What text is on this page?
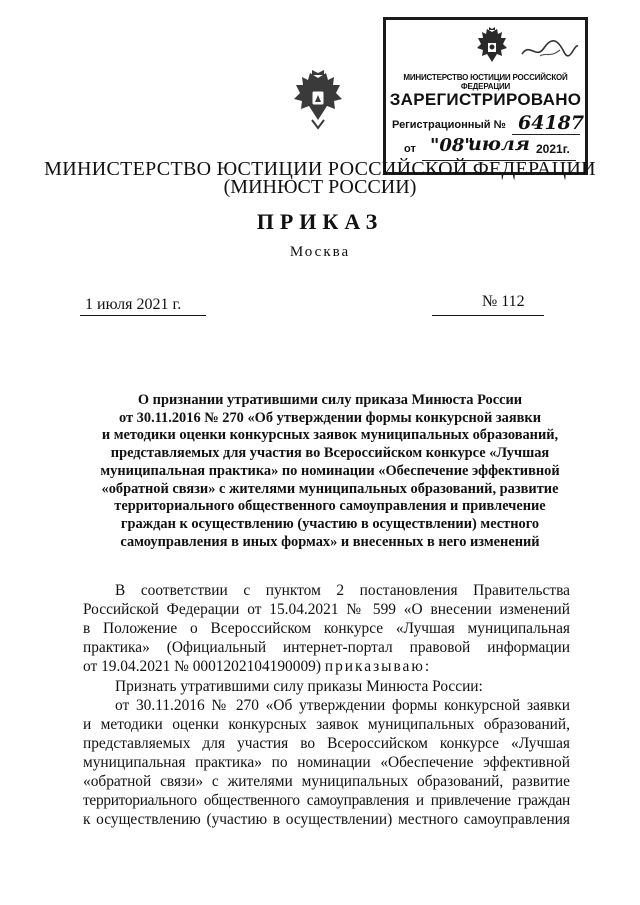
МИНИСТЕРСТВО ЮСТИЦИИ РОССИЙСКОЙ ФЕДЕРАЦИИ
ЗАРЕГИСТРИРОВАНО
Регистрационный № 64187
от "08"
июля 2021г.
МИНИСТЕРСТВО ЮСТИЦИИ РОССИЙСКОЙ ФЕДЕРАЦИИ
(МИНЮСТ РОССИИ)
ПРИКАЗ
Москва
1 июля 2021 г.	№ 112
О признании утратившими силу приказа Минюста России
от 30.11.2016 № 270 «Об утверждении формы конкурсной заявки
и методики оценки конкурсных заявок муниципальных образований,
представляемых для участия во Всероссийском конкурсе «Лучшая
муниципальная практика» по номинации «Обеспечение эффективной
«обратной связи» с жителями муниципальных образований, развитие
территориального общественного самоуправления и привлечение
граждан к осуществлению (участию в осуществлении) местного
самоуправления в иных формах» и внесенных в него изменений
В соответствии с пунктом 2 постановления Правительства
Российской Федерации от 15.04.2021 № 599 «О внесении изменений
в Положение о Всероссийском конкурсе «Лучшая муниципальная
практика» (Официальный интернет-портал правовой информации
от 19.04.2021 № 0001202104190009) приказываю:
Признать утратившими силу приказы Минюста России:
от 30.11.2016 № 270 «Об утверждении формы конкурсной заявки
и методики оценки конкурсных заявок муниципальных образований,
представляемых для участия во Всероссийском конкурсе «Лучшая
муниципальная практика» по номинации «Обеспечение эффективной
«обратной связи» с жителями муниципальных образований, развитие
территориального общественного самоуправления и привлечение граждан
к осуществлению (участию в осуществлении) местного самоуправления
